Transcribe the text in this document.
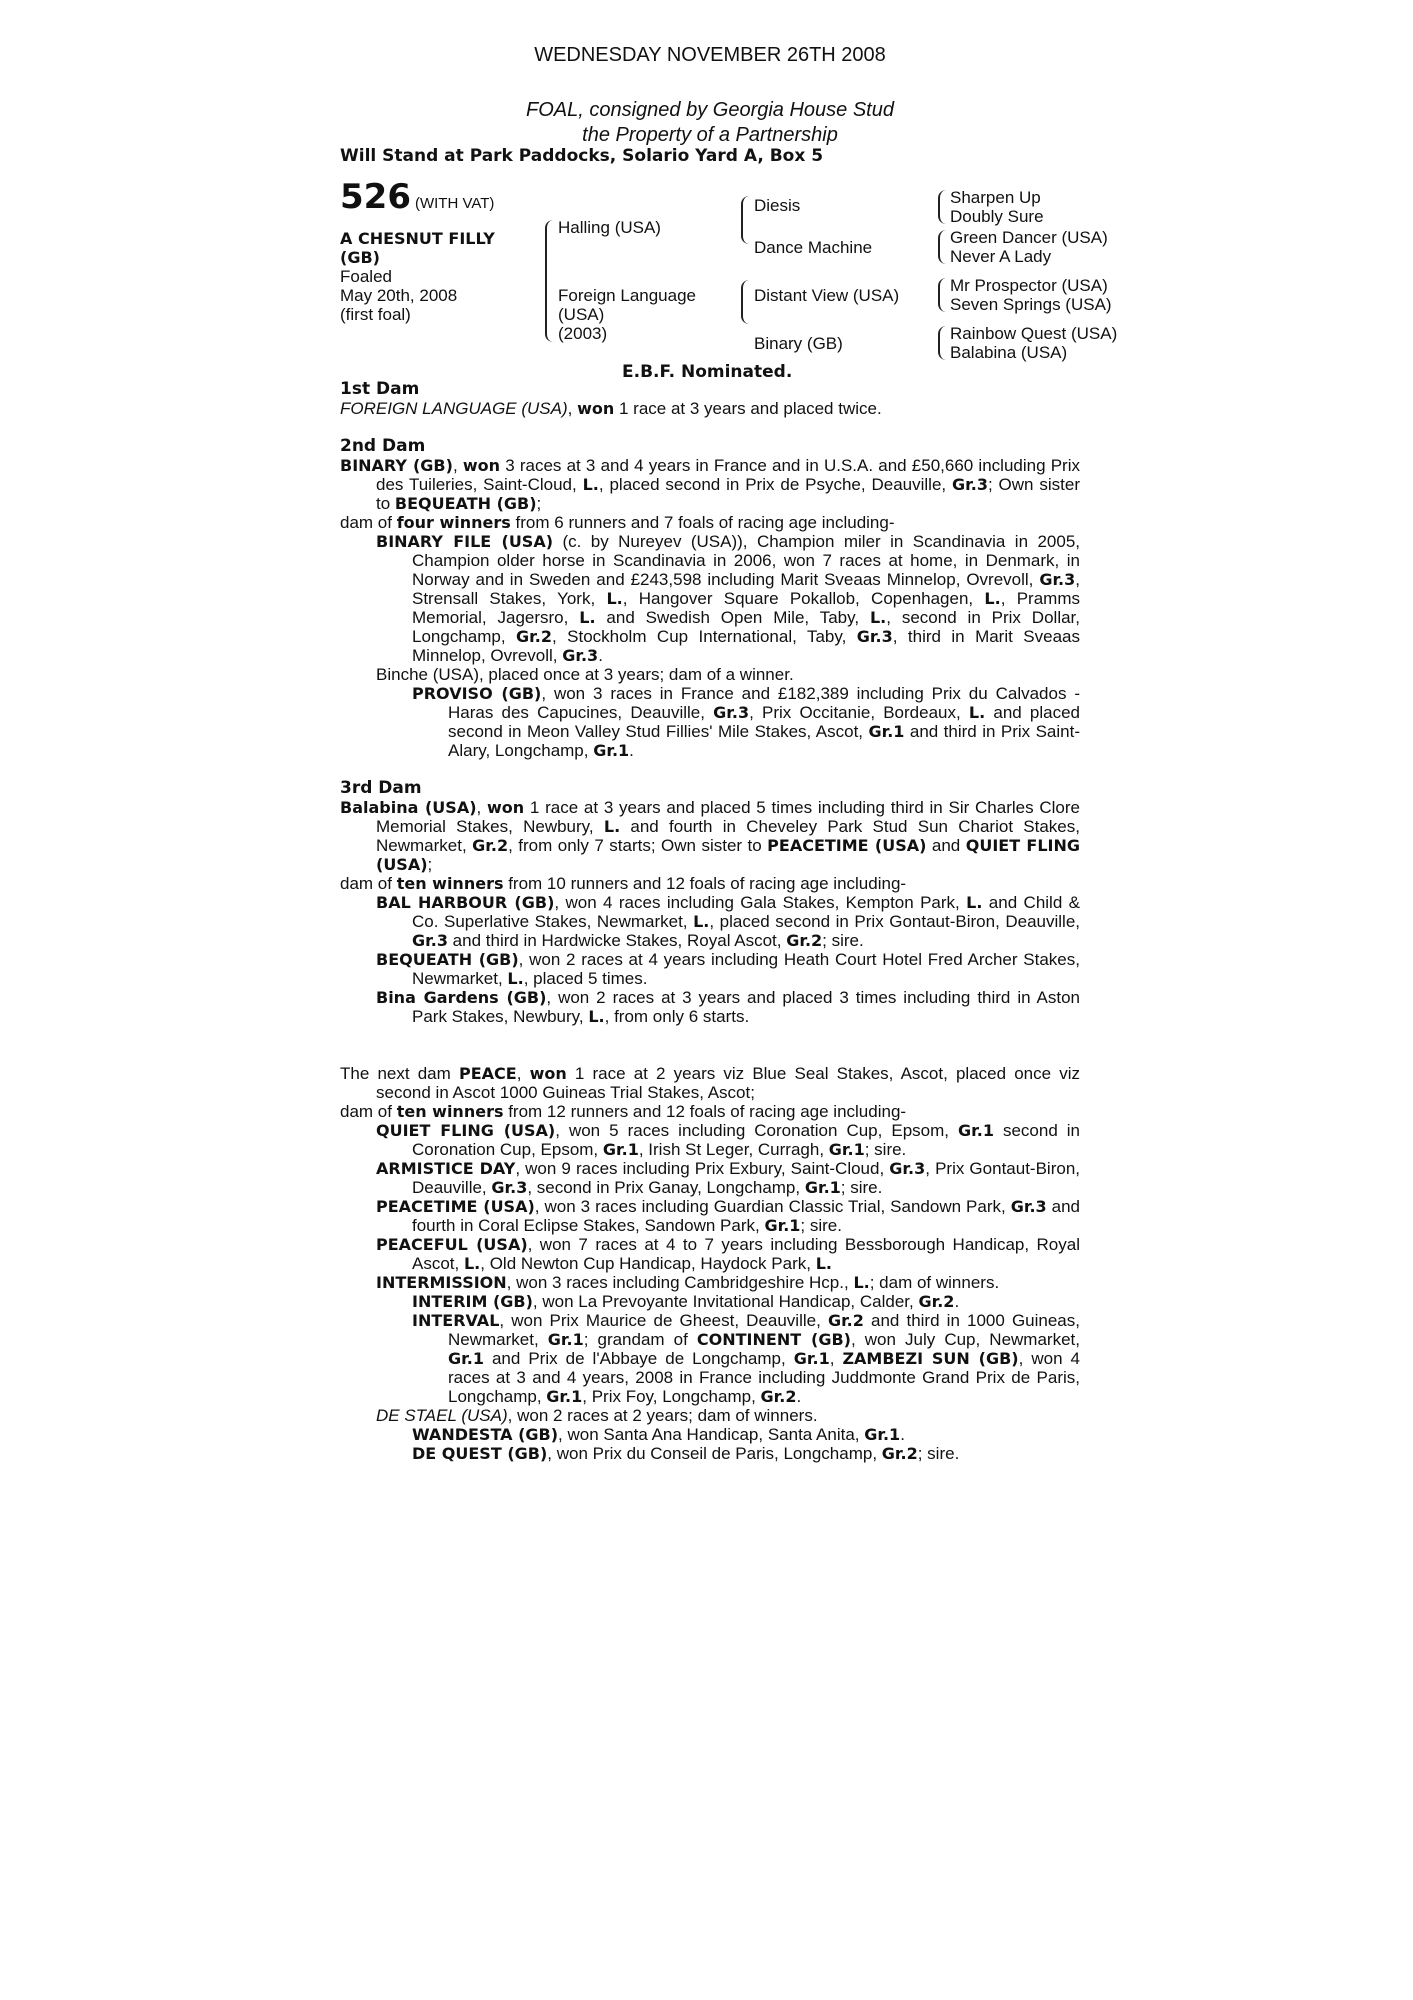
WEDNESDAY NOVEMBER 26TH 2008
FOAL, consigned by Georgia House Stud
the Property of a Partnership
Will Stand at Park Paddocks, Solario Yard A, Box 5
526 (WITH VAT)
A CHESNUT FILLY
(GB)
Foaled
May 20th, 2008
(first foal)
Halling (USA)
Foreign Language
(USA)
(2003)
Diesis
Dance Machine
Distant View (USA)
Binary (GB)
Sharpen Up
Doubly Sure
Green Dancer (USA)
Never A Lady
Mr Prospector (USA)
Seven Springs (USA)
Rainbow Quest (USA)
Balabina (USA)
E.B.F. Nominated.

1st Dam

FOREIGN LANGUAGE (USA), won 1 race at 3 years and placed twice.

2nd Dam

BINARY (GB), won 3 races at 3 and 4 years in France and in U.S.A. and £50,660 including Prix des Tuileries, Saint-Cloud, L., placed second in Prix de Psyche, Deauville, Gr.3; Own sister to BEQUEATH (GB);

dam of four winners from 6 runners and 7 foals of racing age including-

BINARY FILE (USA) (c. by Nureyev (USA)), Champion miler in Scandinavia in 2005, Champion older horse in Scandinavia in 2006, won 7 races at home, in Denmark, in Norway and in Sweden and £243,598 including Marit Sveaas Minnelop, Ovrevoll, Gr.3, Strensall Stakes, York, L., Hangover Square Pokallob, Copenhagen, L., Pramms Memorial, Jagersro, L. and Swedish Open Mile, Taby, L., second in Prix Dollar, Longchamp, Gr.2, Stockholm Cup International, Taby, Gr.3, third in Marit Sveaas Minnelop, Ovrevoll, Gr.3.

Binche (USA), placed once at 3 years; dam of a winner.

PROVISO (GB), won 3 races in France and £182,389 including Prix du Calvados - Haras des Capucines, Deauville, Gr.3, Prix Occitanie, Bordeaux, L. and placed second in Meon Valley Stud Fillies' Mile Stakes, Ascot, Gr.1 and third in Prix Saint-Alary, Longchamp, Gr.1.

3rd Dam

Balabina (USA), won 1 race at 3 years and placed 5 times including third in Sir Charles Clore Memorial Stakes, Newbury, L. and fourth in Cheveley Park Stud Sun Chariot Stakes, Newmarket, Gr.2, from only 7 starts; Own sister to PEACETIME (USA) and QUIET FLING (USA);

dam of ten winners from 10 runners and 12 foals of racing age including-

BAL HARBOUR (GB), won 4 races including Gala Stakes, Kempton Park, L. and Child & Co. Superlative Stakes, Newmarket, L., placed second in Prix Gontaut-Biron, Deauville, Gr.3 and third in Hardwicke Stakes, Royal Ascot, Gr.2; sire.

BEQUEATH (GB), won 2 races at 4 years including Heath Court Hotel Fred Archer Stakes, Newmarket, L., placed 5 times.

Bina Gardens (GB), won 2 races at 3 years and placed 3 times including third in Aston Park Stakes, Newbury, L., from only 6 starts.

The next dam PEACE, won 1 race at 2 years viz Blue Seal Stakes, Ascot, placed once viz second in Ascot 1000 Guineas Trial Stakes, Ascot;

dam of ten winners from 12 runners and 12 foals of racing age including-

QUIET FLING (USA), won 5 races including Coronation Cup, Epsom, Gr.1 second in Coronation Cup, Epsom, Gr.1, Irish St Leger, Curragh, Gr.1; sire.

ARMISTICE DAY, won 9 races including Prix Exbury, Saint-Cloud, Gr.3, Prix Gontaut-Biron, Deauville, Gr.3, second in Prix Ganay, Longchamp, Gr.1; sire.

PEACETIME (USA), won 3 races including Guardian Classic Trial, Sandown Park, Gr.3 and fourth in Coral Eclipse Stakes, Sandown Park, Gr.1; sire.

PEACEFUL (USA), won 7 races at 4 to 7 years including Bessborough Handicap, Royal Ascot, L., Old Newton Cup Handicap, Haydock Park, L.

INTERMISSION, won 3 races including Cambridgeshire Hcp., L.; dam of winners.

INTERIM (GB), won La Prevoyante Invitational Handicap, Calder, Gr.2.

INTERVAL, won Prix Maurice de Gheest, Deauville, Gr.2 and third in 1000 Guineas, Newmarket, Gr.1; grandam of CONTINENT (GB), won July Cup, Newmarket, Gr.1 and Prix de l'Abbaye de Longchamp, Gr.1, ZAMBEZI SUN (GB), won 4 races at 3 and 4 years, 2008 in France including Juddmonte Grand Prix de Paris, Longchamp, Gr.1, Prix Foy, Longchamp, Gr.2.

DE STAEL (USA), won 2 races at 2 years; dam of winners.

WANDESTA (GB), won Santa Ana Handicap, Santa Anita, Gr.1.

DE QUEST (GB), won Prix du Conseil de Paris, Longchamp, Gr.2; sire.
